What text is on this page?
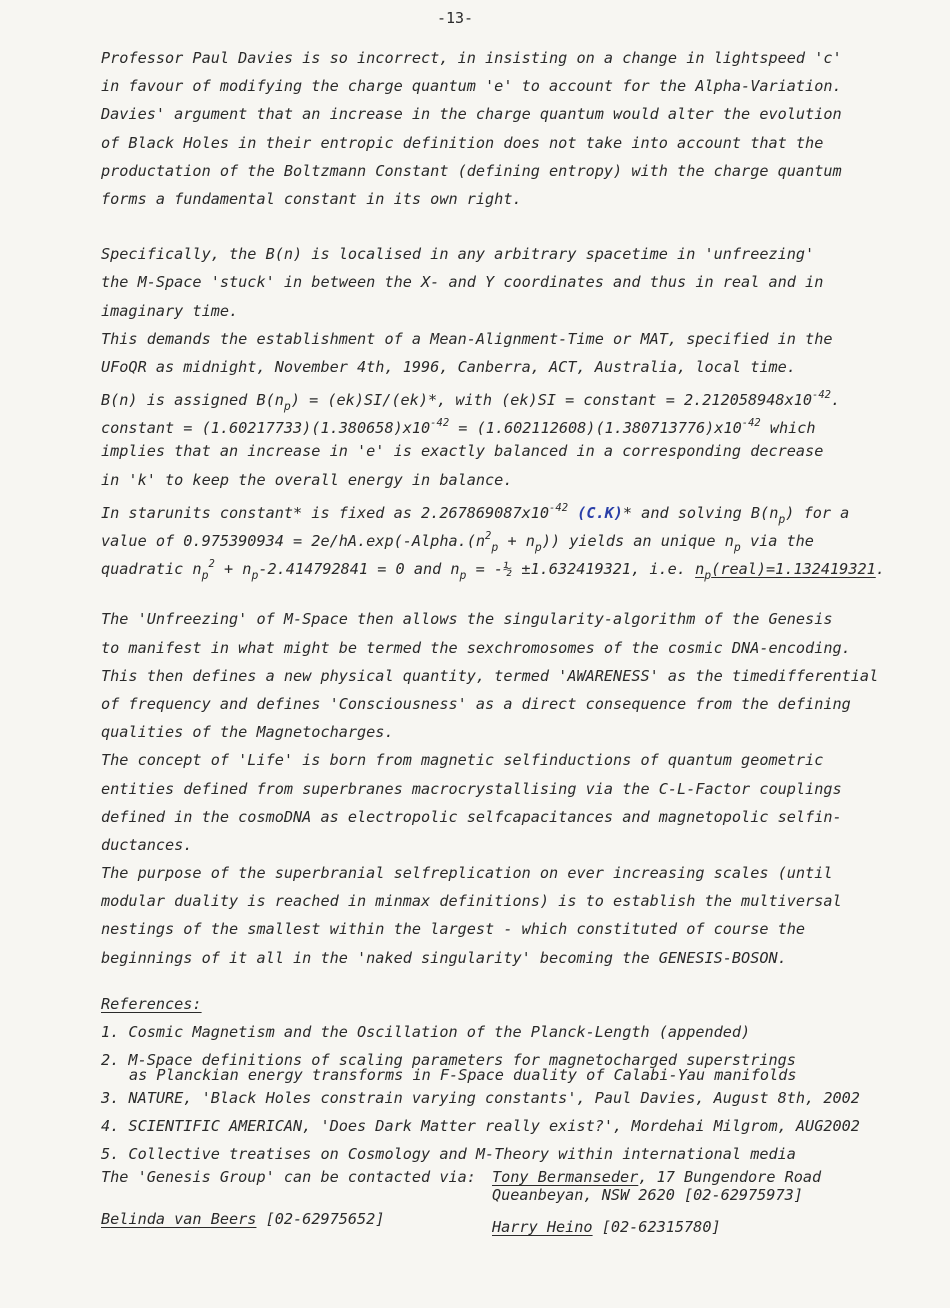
-13-
Professor Paul Davies is so incorrect, in insisting on a change in lightspeed 'c'
in favour of modifying the charge quantum 'e' to account for the Alpha-Variation.
Davies' argument that an increase in the charge quantum would alter the evolution
of Black Holes in their entropic definition does not take into account that the
productation of the Boltzmann Constant (defining entropy) with the charge quantum
forms a fundamental constant in its own right.
Specifically, the B(n) is localised in any arbitrary spacetime in 'unfreezing'
the M-Space 'stuck' in between the X- and Y coordinates and thus in real and in
imaginary time.
This demands the establishment of a Mean-Alignment-Time or MAT, specified in the
UFoQR as midnight, November 4th, 1996, Canberra, ACT, Australia, local time.
B(n) is assigned $B(n_p) = (ek)SI/(ek)*$, with (ek)SI = constant = $2.212058948x10^{-42}$.
constant = $(1.60217733)(1.380658)x10^{-42} = (1.602112608)(1.380713776)x10^{-42}$ which
implies that an increase in 'e' is exactly balanced in a corresponding decrease
in 'k' to keep the overall energy in balance.
In starunits constant* is fixed as $2.267869087x10^{-42}$ (C.K)* and solving $B(n_p)$ for a
value of $0.975390934 = 2e/hA.\exp(-Alpha.(n^2_p + n_p))$ yields an unique $n_p$ via the
quadratic $n_p^2 + n_p-2.414792841 = 0$ and $n_p$ = -½ ±1.632419321, i.e. $n_p(real)=1.132419321$.
The 'Unfreezing' of M-Space then allows the singularity-algorithm of the Genesis
to manifest in what might be termed the sexchromosomes of the cosmic DNA-encoding.
This then defines a new physical quantity, termed 'AWARENESS' as the timedifferential
of frequency and defines 'Consciousness' as a direct consequence from the defining
qualities of the Magnetocharges.
The concept of 'Life' is born from magnetic selfinductions of quantum geometric
entities defined from superbranes macrocrystallising via the C-L-Factor couplings
defined in the cosmoDNA as electropolic selfcapacitances and magnetopolic selfin-
ductances.
The purpose of the superbranial selfreplication on ever increasing scales (until
modular duality is reached in minmax definitions) is to establish the multiversal
nestings of the smallest within the largest - which constituted of course the
beginnings of it all in the 'naked singularity' becoming the GENESIS-BOSON.
References:
1. Cosmic Magnetism and the Oscillation of the Planck-Length (appended)
2. M-Space definitions of scaling parameters for magnetocharged superstrings
as Planckian energy transforms in F-Space duality of Calabi-Yau manifolds
3. NATURE, 'Black Holes constrain varying constants', Paul Davies, August 8th, 2002
4. SCIENTIFIC AMERICAN, 'Does Dark Matter really exist?', Mordehai Milgrom, AUG2002
5. Collective treatises on Cosmology and M-Theory within international media
The 'Genesis Group' can be contacted via: Tony Bermanseder, 17 Bungendore Road
Queanbeyan, NSW 2620 [02-62975973]
Belinda van Beers [02-62975652]	Harry Heino [02-62315780]
